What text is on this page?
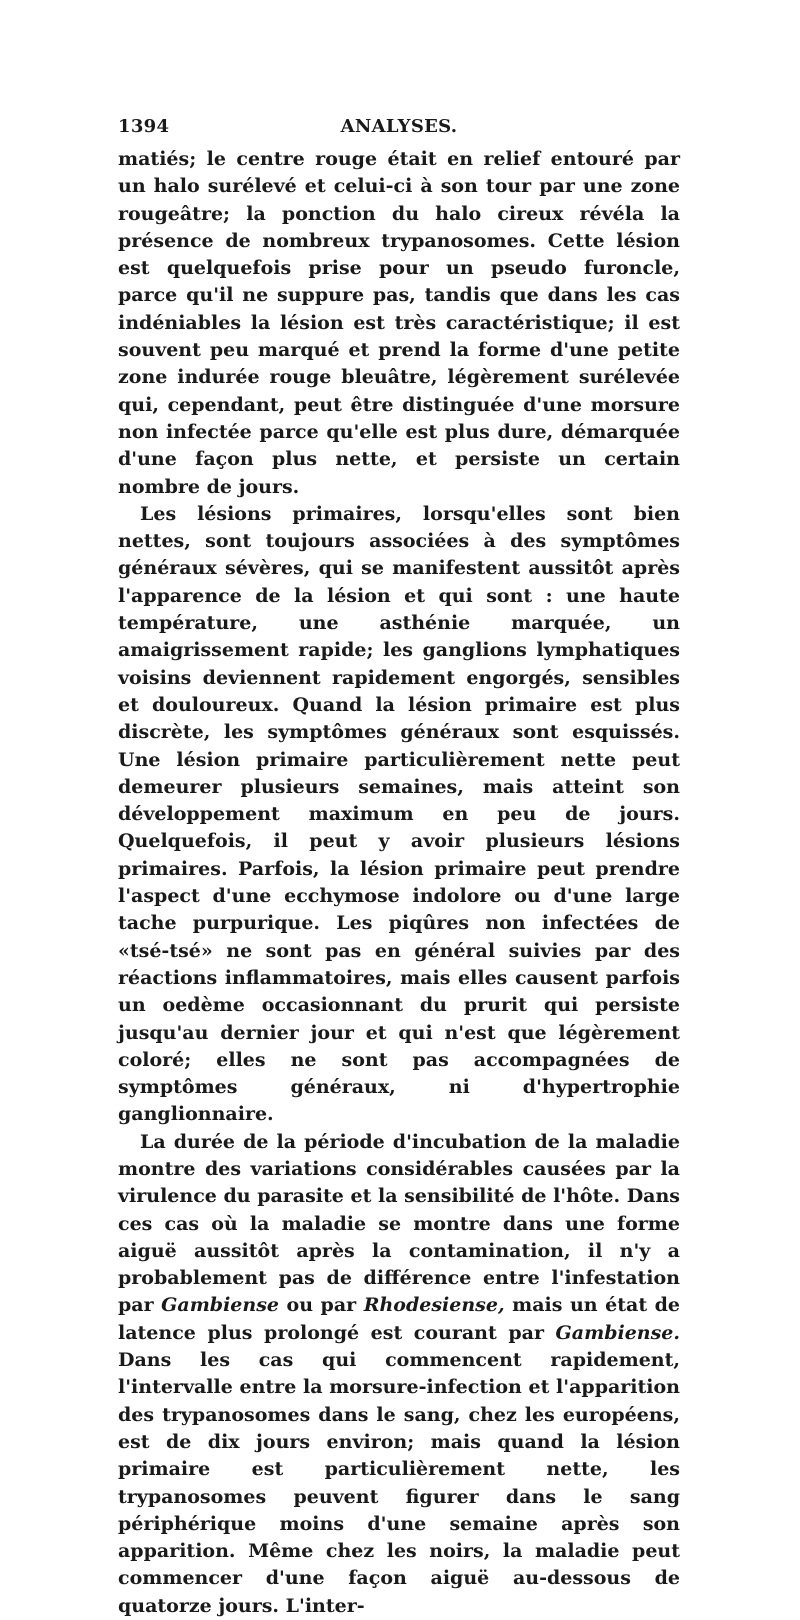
1394	ANALYSES.

matiés; le centre rouge était en relief entouré par un halo surélevé et celui-ci à son tour par une zone rougeâtre; la ponction du halo cireux révéla la présence de nombreux trypanosomes. Cette lésion est quelquefois prise pour un pseudo furoncle, parce qu'il ne suppure pas, tandis que dans les cas indéniables la lésion est très caractéristique; il est souvent peu marqué et prend la forme d'une petite zone indurée rouge bleuâtre, légèrement surélevée qui, cependant, peut être distinguée d'une morsure non infectée parce qu'elle est plus dure, démarquée d'une façon plus nette, et persiste un certain nombre de jours.

Les lésions primaires, lorsqu'elles sont bien nettes, sont toujours associées à des symptômes généraux sévères, qui se manifestent aussitôt après l'apparence de la lésion et qui sont : une haute température, une asthénie marquée, un amaigrissement rapide; les ganglions lymphatiques voisins deviennent rapidement engorgés, sensibles et douloureux. Quand la lésion primaire est plus discrète, les symptômes généraux sont esquissés. Une lésion primaire particulièrement nette peut demeurer plusieurs semaines, mais atteint son développement maximum en peu de jours. Quelquefois, il peut y avoir plusieurs lésions primaires. Parfois, la lésion primaire peut prendre l'aspect d'une ecchymose indolore ou d'une large tache purpurique. Les piqûres non infectées de «tsé-tsé» ne sont pas en général suivies par des réactions inflammatoires, mais elles causent parfois un oedème occasionnant du prurit qui persiste jusqu'au dernier jour et qui n'est que légèrement coloré; elles ne sont pas accompagnées de symptômes généraux, ni d'hypertrophie ganglionnaire.

La durée de la période d'incubation de la maladie montre des variations considérables causées par la virulence du parasite et la sensibilité de l'hôte. Dans ces cas où la maladie se montre dans une forme aiguë aussitôt après la contamination, il n'y a probablement pas de différence entre l'infestation par Gambiense ou par Rhodesiense, mais un état de latence plus prolongé est courant par Gambiense. Dans les cas qui commencent rapidement, l'intervalle entre la morsure-infection et l'apparition des trypanosomes dans le sang, chez les européens, est de dix jours environ; mais quand la lésion primaire est particulièrement nette, les trypanosomes peuvent figurer dans le sang périphérique moins d'une semaine après son apparition. Même chez les noirs, la maladie peut commencer d'une façon aiguë au-dessous de quatorze jours. L'inter-
